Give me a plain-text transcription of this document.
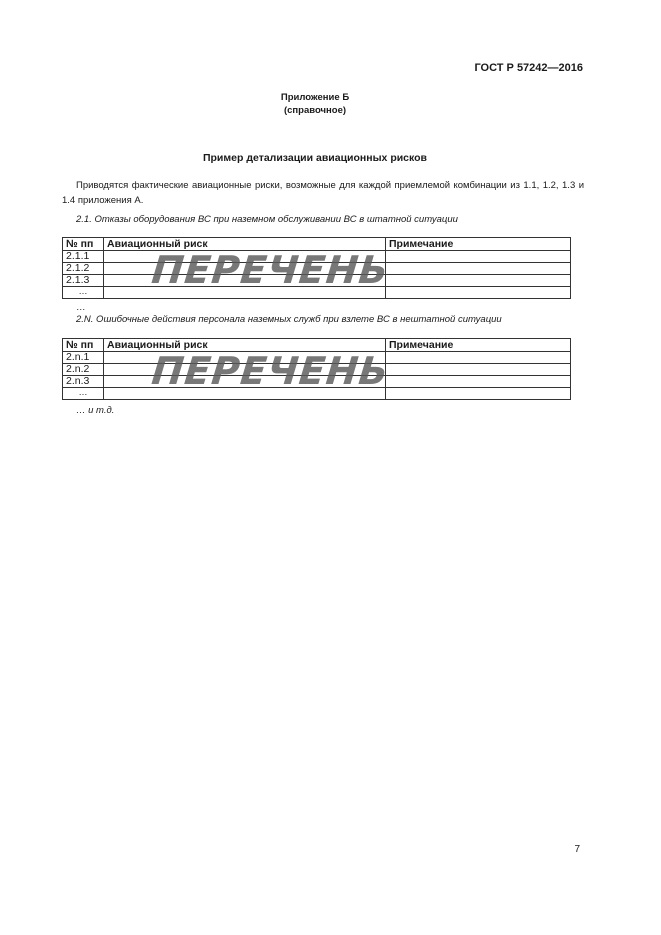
ГОСТ Р 57242—2016
Приложение Б
(справочное)
Пример детализации авиационных рисков
Приводятся фактические авиационные риски, возможные для каждой приемлемой комбинации из 1.1, 1.2, 1.3 и 1.4 приложения А.
2.1. Отказы оборудования ВС при наземном обслуживании ВС в штатной ситуации
№ пп	Авиационный риск	Примечание
2.1.1		
2.1.2		
2.1.3		
…		ПЕРЕЧЕНЬ
…
2.N. Ошибочные действия персонала наземных служб при взлете ВС в нештатной ситуации
№ пп	Авиационный риск	Примечание
2.n.1		
2.n.2		
2.n.3		
…		ПЕРЕЧЕНЬ
… и т.д.
7
